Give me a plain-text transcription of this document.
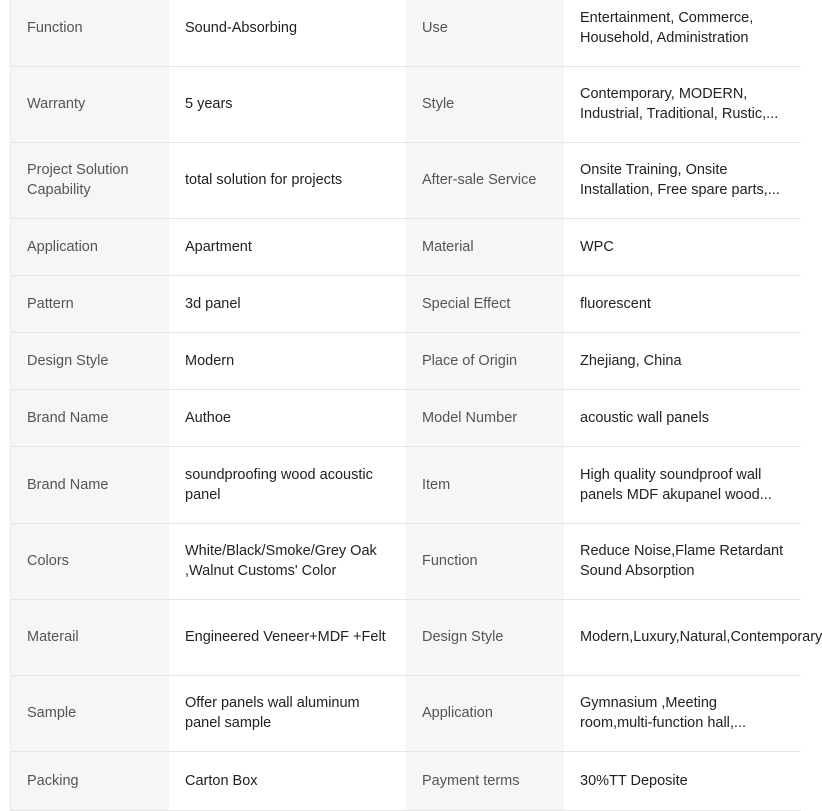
Function	Sound-Absorbing	Use	Entertainment, Commerce, Household, Administration

Warranty	5 years	Style	Contemporary, MODERN, Industrial, Traditional, Rustic,...

Project Solution Capability	total solution for projects	After-sale Service	Onsite Training, Onsite Installation, Free spare parts,...

Application	Apartment	Material	WPC

Pattern	3d panel	Special Effect	fluorescent

Design Style	Modern	Place of Origin	Zhejiang, China

Brand Name	Authoe	Model Number	acoustic wall panels

Brand Name	soundproofing wood acoustic panel	Item	High quality soundproof wall panels MDF akupanel wood...

Colors	White/Black/Smoke/Grey Oak ,Walnut Customs' Color	Function	Reduce Noise,Flame Retardant Sound Absorption

Materail	Engineered Veneer+MDF +Felt	Design Style	Modern,Luxury,Natural,Contemporary

Sample	Offer panels wall aluminum panel sample	Application	Gymnasium ,Meeting room,multi-function hall,...

Packing	Carton Box	Payment terms	30%TT Deposite
